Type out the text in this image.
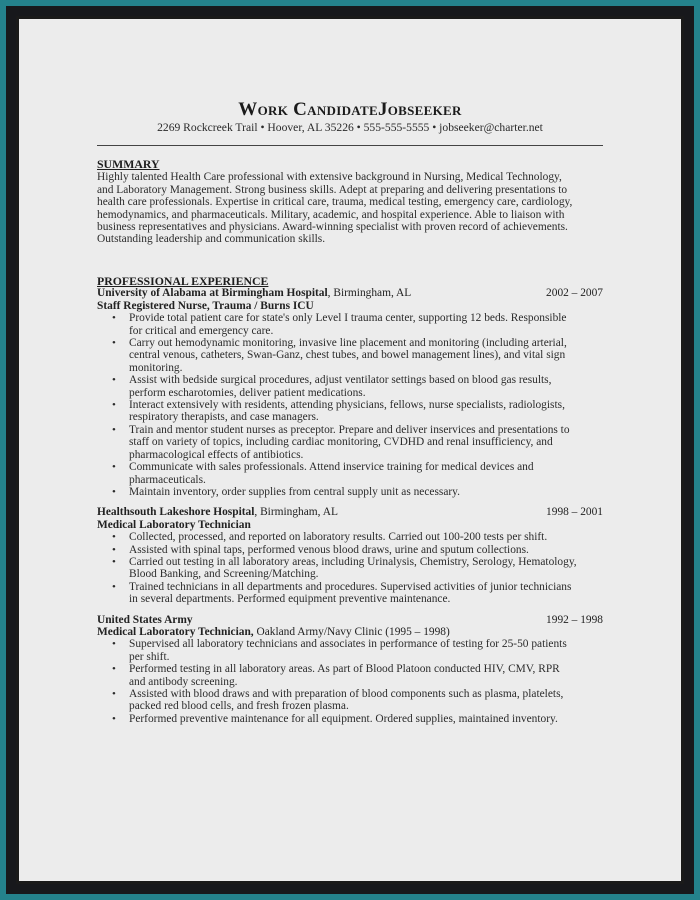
Work CandidateJobseeker
2269 Rockcreek Trail • Hoover, AL 35226 • 555-555-5555 • jobseeker@charter.net
SUMMARY
Highly talented Health Care professional with extensive background in Nursing, Medical Technology,
and Laboratory Management. Strong business skills. Adept at preparing and delivering presentations to
health care professionals. Expertise in critical care, trauma, medical testing, emergency care, cardiology,
hemodynamics, and pharmaceuticals. Military, academic, and hospital experience. Able to liaison with
business representatives and physicians. Award-winning specialist with proven record of achievements.
Outstanding leadership and communication skills.
PROFESSIONAL EXPERIENCE
University of Alabama at Birmingham Hospital, Birmingham, AL	2002 – 2007
Staff Registered Nurse, Trauma / Burns ICU
• Provide total patient care for state's only Level I trauma center, supporting 12 beds. Responsible
for critical and emergency care.
• Carry out hemodynamic monitoring, invasive line placement and monitoring (including arterial,
central venous, catheters, Swan-Ganz, chest tubes, and bowel management lines), and vital sign
monitoring.
• Assist with bedside surgical procedures, adjust ventilator settings based on blood gas results,
perform escharotomies, deliver patient medications.
• Interact extensively with residents, attending physicians, fellows, nurse specialists, radiologists,
respiratory therapists, and case managers.
• Train and mentor student nurses as preceptor. Prepare and deliver inservices and presentations to
staff on variety of topics, including cardiac monitoring, CVDHD and renal insufficiency, and
pharmacological effects of antibiotics.
• Communicate with sales professionals. Attend inservice training for medical devices and
pharmaceuticals.
• Maintain inventory, order supplies from central supply unit as necessary.
Healthsouth Lakeshore Hospital, Birmingham, AL	1998 – 2001
Medical Laboratory Technician
• Collected, processed, and reported on laboratory results. Carried out 100-200 tests per shift.
• Assisted with spinal taps, performed venous blood draws, urine and sputum collections.
• Carried out testing in all laboratory areas, including Urinalysis, Chemistry, Serology, Hematology,
Blood Banking, and Screening/Matching.
• Trained technicians in all departments and procedures. Supervised activities of junior technicians
in several departments. Performed equipment preventive maintenance.
United States Army	1992 – 1998
Medical Laboratory Technician, Oakland Army/Navy Clinic (1995 – 1998)
• Supervised all laboratory technicians and associates in performance of testing for 25-50 patients
per shift.
• Performed testing in all laboratory areas. As part of Blood Platoon conducted HIV, CMV, RPR
and antibody screening.
• Assisted with blood draws and with preparation of blood components such as plasma, platelets,
packed red blood cells, and fresh frozen plasma.
• Performed preventive maintenance for all equipment. Ordered supplies, maintained inventory.
